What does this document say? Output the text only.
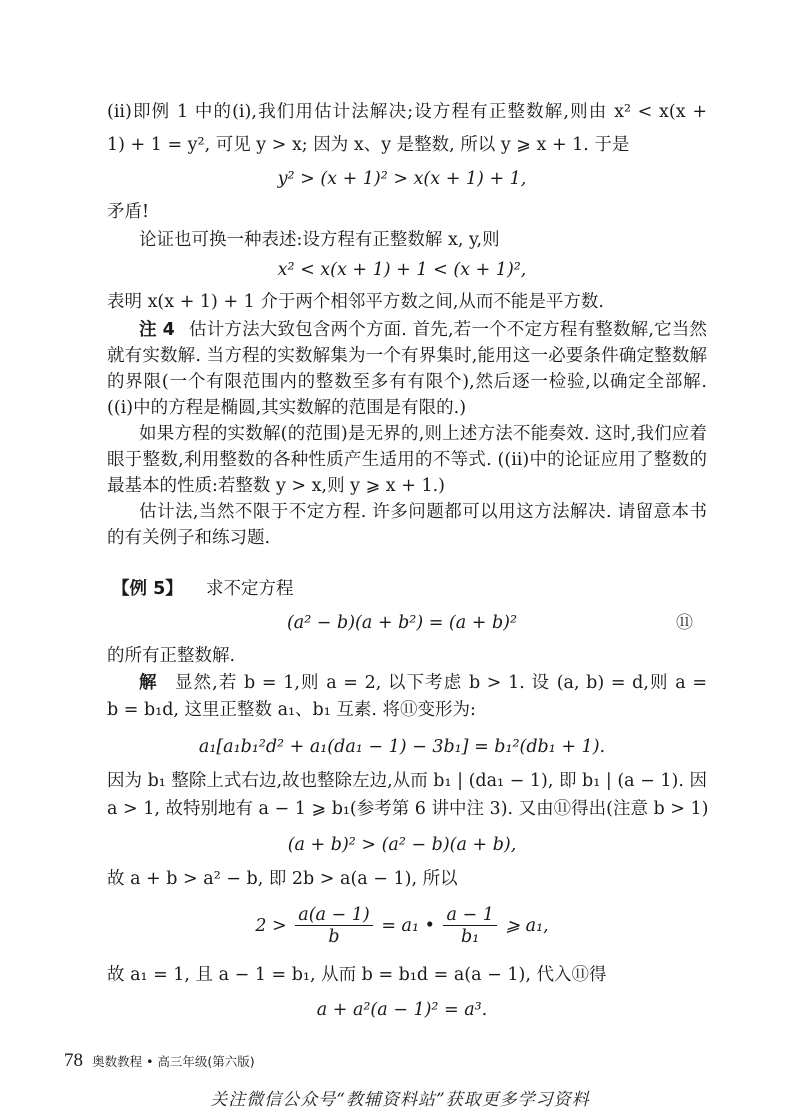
(ii)即例 1 中的(i),我们用估计法解决;设方程有正整数解,则由 x² < x(x +
1) + 1 = y², 可见 y > x; 因为 x、y 是整数, 所以 y ⩾ x + 1. 于是
y² > (x + 1)² > x(x + 1) + 1,
矛盾!
论证也可换一种表述:设方程有正整数解 x, y,则
x² < x(x + 1) + 1 < (x + 1)²,
表明 x(x + 1) + 1 介于两个相邻平方数之间,从而不能是平方数.
注 4 估计方法大致包含两个方面. 首先,若一个不定方程有整数解,它当然
就有实数解. 当方程的实数解集为一个有界集时,能用这一必要条件确定整数解
的界限(一个有限范围内的整数至多有有限个),然后逐一检验,以确定全部解.
((i)中的方程是椭圆,其实数解的范围是有限的.)
如果方程的实数解(的范围)是无界的,则上述方法不能奏效. 这时,我们应着
眼于整数,利用整数的各种性质产生适用的不等式. ((ii)中的论证应用了整数的
最基本的性质:若整数 y > x,则 y ⩾ x + 1.)
估计法,当然不限于不定方程. 许多问题都可以用这方法解决. 请留意本书
的有关例子和练习题.
【例 5】 求不定方程
(a² − b)(a + b²) = (a + b)²	⑪
的所有正整数解.
解 显然,若 b = 1,则 a = 2, 以下考虑 b > 1. 设 (a, b) = d,则 a =
b = b₁d, 这里正整数 a₁、b₁ 互素. 将⑪变形为:
a₁[a₁b₁²d² + a₁(da₁ − 1) − 3b₁] = b₁²(db₁ + 1).
因为 b₁ 整除上式右边,故也整除左边,从而 b₁ | (da₁ − 1), 即 b₁ | (a − 1). 因
a > 1, 故特别地有 a − 1 ⩾ b₁(参考第 6 讲中注 3). 又由⑪得出(注意 b > 1)
(a + b)² > (a² − b)(a + b),
故 a + b > a² − b, 即 2b > a(a − 1), 所以
$2 > \frac{a(a - 1)}{b} = a_1$ • $\frac{a - 1}{\text{b₁}}$ ⩾ a₁,
故 a₁ = 1, 且 a − 1 = b₁, 从而 b = b₁d = a(a − 1), 代入⑪得
a + a²(a − 1)² = a³.
78 奥数教程 • 高三年级(第六版)
关注微信公众号“教辅资料站”获取更多学习资料
